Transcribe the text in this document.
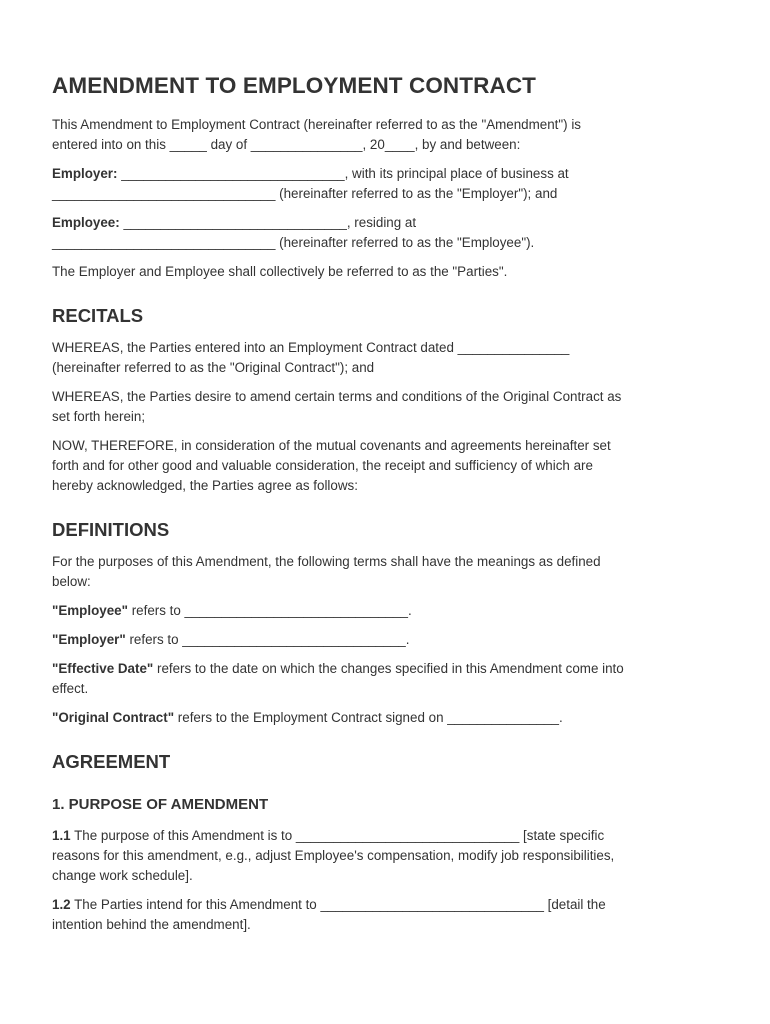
AMENDMENT TO EMPLOYMENT CONTRACT

This Amendment to Employment Contract (hereinafter referred to as the "Amendment") is
entered into on this _____ day of _______________, 20____, by and between:

Employer: ______________________________, with its principal place of business at
______________________________ (hereinafter referred to as the "Employer"); and

Employee: ______________________________, residing at
______________________________ (hereinafter referred to as the "Employee").

The Employer and Employee shall collectively be referred to as the "Parties".

RECITALS

WHEREAS, the Parties entered into an Employment Contract dated _______________
(hereinafter referred to as the "Original Contract"); and

WHEREAS, the Parties desire to amend certain terms and conditions of the Original Contract as
set forth herein;

NOW, THEREFORE, in consideration of the mutual covenants and agreements hereinafter set
forth and for other good and valuable consideration, the receipt and sufficiency of which are
hereby acknowledged, the Parties agree as follows:

DEFINITIONS

For the purposes of this Amendment, the following terms shall have the meanings as defined
below:

"Employee" refers to ______________________________.

"Employer" refers to ______________________________.

"Effective Date" refers to the date on which the changes specified in this Amendment come into
effect.

"Original Contract" refers to the Employment Contract signed on _______________.

AGREEMENT
1. PURPOSE OF AMENDMENT

1.1 The purpose of this Amendment is to ______________________________ [state specific
reasons for this amendment, e.g., adjust Employee's compensation, modify job responsibilities,
change work schedule].

1.2 The Parties intend for this Amendment to ______________________________ [detail the
intention behind the amendment].
